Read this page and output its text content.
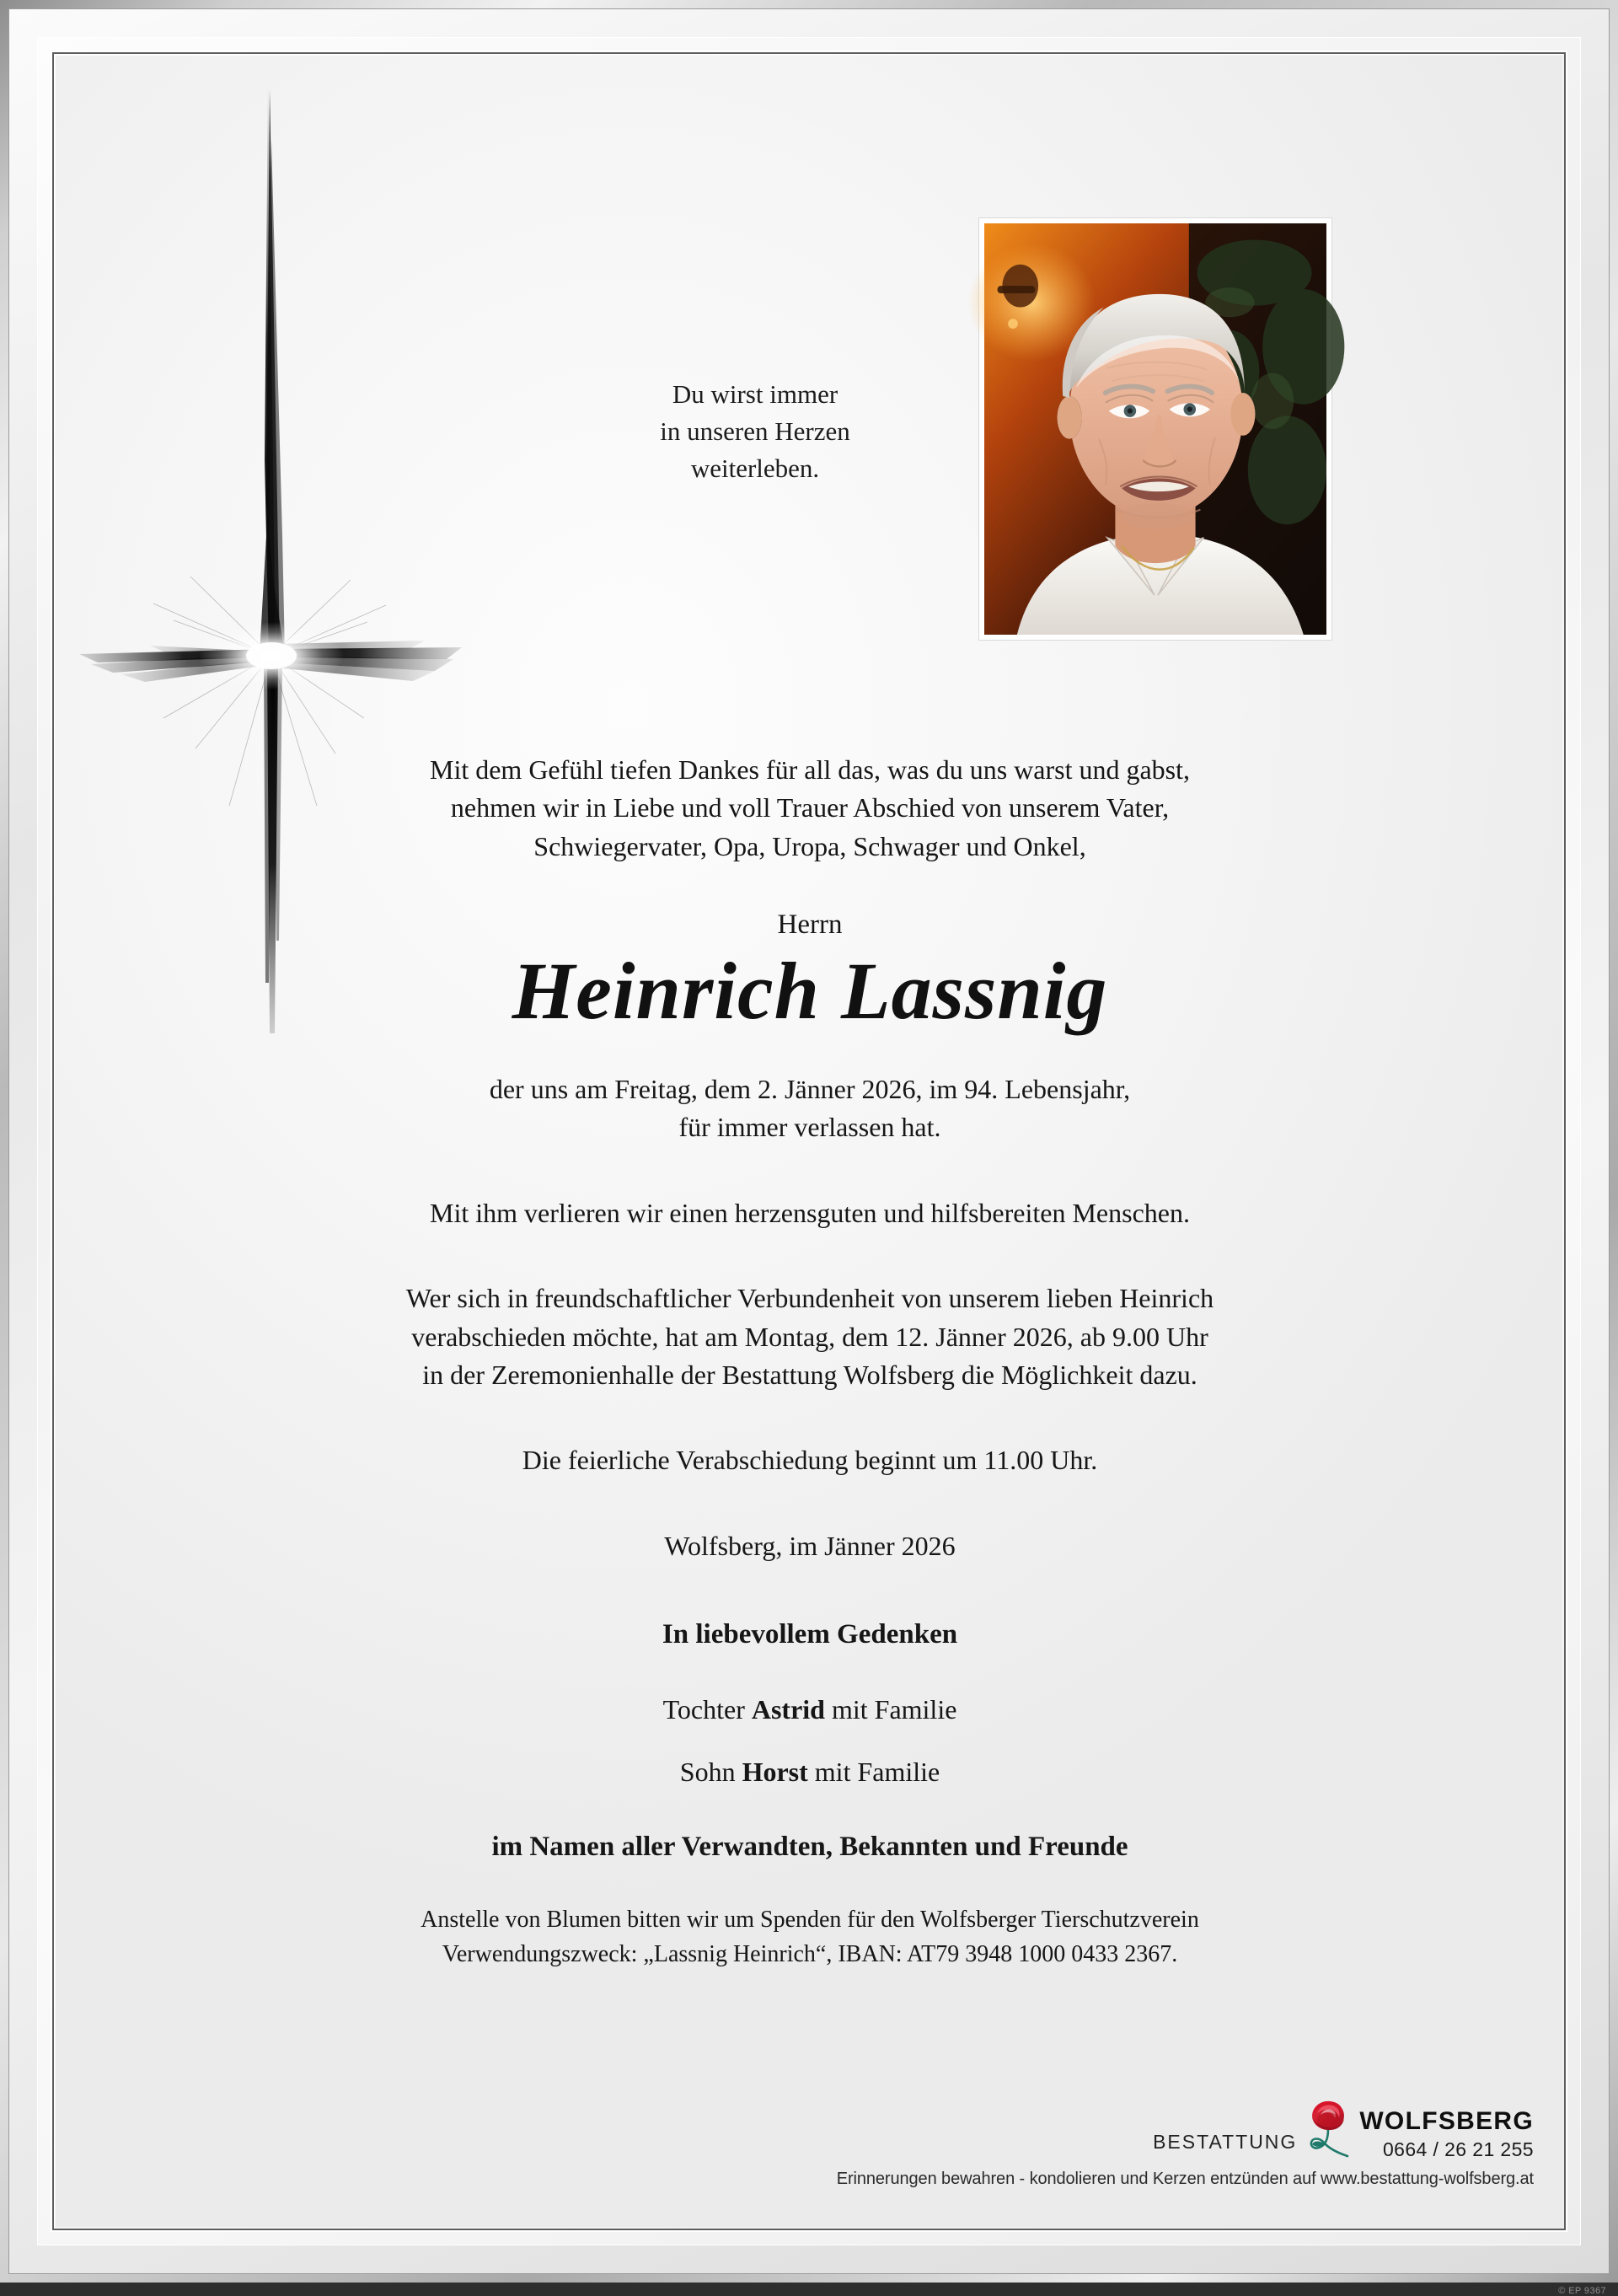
Du wirst immer
in unseren Herzen
weiterleben.
Mit dem Gefühl tiefen Dankes für all das, was du uns warst und gabst,
nehmen wir in Liebe und voll Trauer Abschied von unserem Vater,
Schwiegervater, Opa, Uropa, Schwager und Onkel,
Herrn
Heinrich Lassnig
der uns am Freitag, dem 2. Jänner 2026, im 94. Lebensjahr,
für immer verlassen hat.
Mit ihm verlieren wir einen herzensguten und hilfsbereiten Menschen.
Wer sich in freundschaftlicher Verbundenheit von unserem lieben Heinrich
verabschieden möchte, hat am Montag, dem 12. Jänner 2026, ab 9.00 Uhr
in der Zeremonienhalle der Bestattung Wolfsberg die Möglichkeit dazu.
Die feierliche Verabschiedung beginnt um 11.00 Uhr.
Wolfsberg, im Jänner 2026
In liebevollem Gedenken
Tochter Astrid mit Familie
Sohn Horst mit Familie
im Namen aller Verwandten, Bekannten und Freunde
Anstelle von Blumen bitten wir um Spenden für den Wolfsberger Tierschutzverein
Verwendungszweck: „Lassnig Heinrich“, IBAN: AT79 3948 1000 0433 2367.
BESTATTUNG
WOLFSBERG
0664 / 26 21 255
Erinnerungen bewahren - kondolieren und Kerzen entzünden auf www.bestattung-wolfsberg.at
© EP 9367
